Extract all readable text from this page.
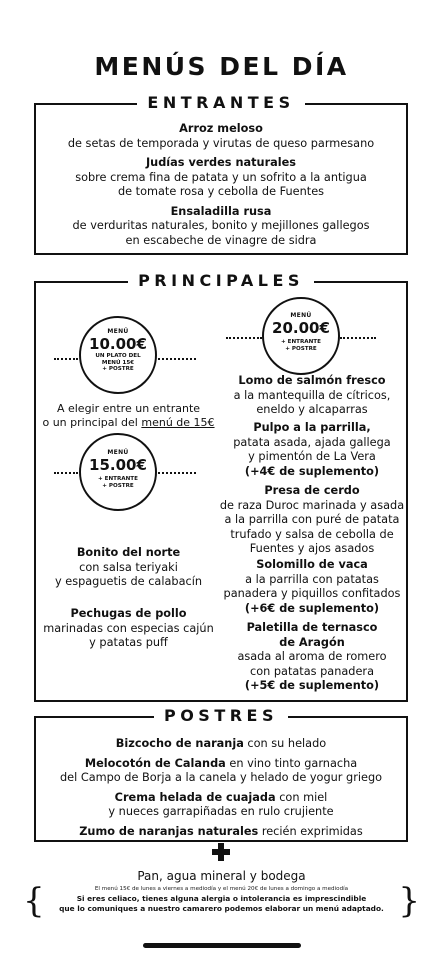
MENÚS DEL DÍA
ENTRANTES
Arroz meloso
de setas de temporada y virutas de queso parmesano
Judías verdes naturales
sobre crema fina de patata y un sofrito a la antigua
de tomate rosa y cebolla de Fuentes
Ensaladilla rusa
de verduritas naturales, bonito y mejillones gallegos
en escabeche de vinagre de sidra
PRINCIPALES
MENÚ
10.00€
UN PLATO DEL
MENÚ 15€
+ POSTRE
A elegir entre un entrante
o un principal del menú de 15€
MENÚ
15.00€
+ ENTRANTE
+ POSTRE
Bonito del norte
con salsa teriyaki
y espaguetis de calabacín
Pechugas de pollo
marinadas con especias cajún
y patatas puff
MENÚ
20.00€
+ ENTRANTE
+ POSTRE
Lomo de salmón fresco
a la mantequilla de cítricos,
eneldo y alcaparras
Pulpo a la parrilla,
patata asada, ajada gallega
y pimentón de La Vera
(+4€ de suplemento)
Presa de cerdo
de raza Duroc marinada y asada
a la parrilla con puré de patata
trufado y salsa de cebolla de
Fuentes y ajos asados
Solomillo de vaca
a la parrilla con patatas
panadera y piquillos confitados
(+6€ de suplemento)
Paletilla de ternasco
de Aragón
asada al aroma de romero
con patatas panadera
(+5€ de suplemento)
POSTRES
Bizcocho de naranja con su helado
Melocotón de Calanda en vino tinto garnacha
del Campo de Borja a la canela y helado de yogur griego
Crema helada de cuajada con miel
y nueces garrapiñadas en rulo crujiente
Zumo de naranjas naturales recién exprimidas
Pan, agua mineral y bodega
{	}
El menú 15€ de lunes a viernes a mediodía y el menú 20€ de lunes a domingo a mediodía
Si eres celiaco, tienes alguna alergia o intolerancia es imprescindible
que lo comuniques a nuestro camarero podemos elaborar un menú adaptado.
